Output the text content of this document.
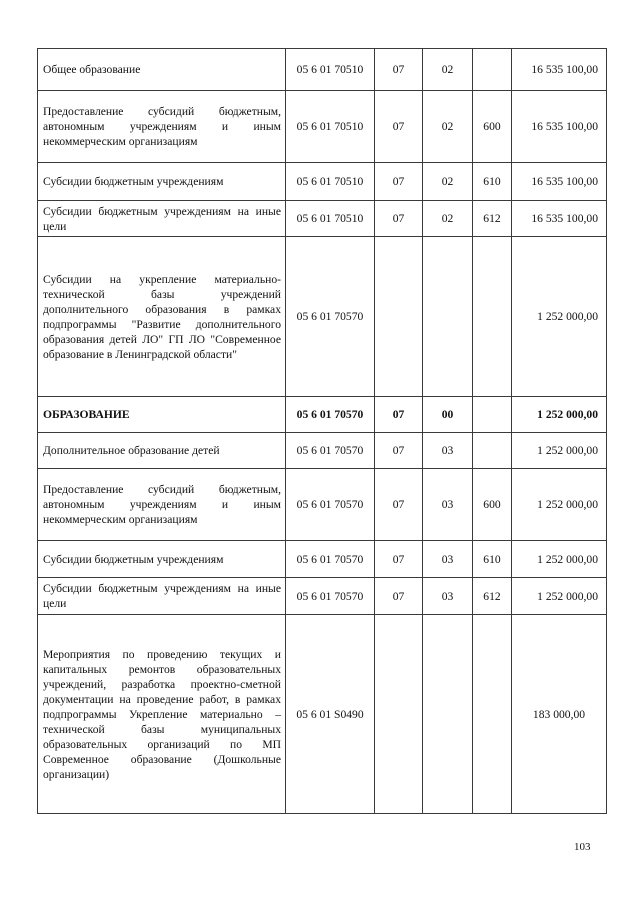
Общее образование	05 6 01 70510	07	02		16 535 100,00

Предоставление субсидий бюджетным, автономным учреждениям и иным некоммерческим организациям	05 6 01 70510	07	02	600	16 535 100,00

Субсидии бюджетным учреждениям	05 6 01 70510	07	02	610	16 535 100,00

Субсидии бюджетным учреждениям на иные цели	05 6 01 70510	07	02	612	16 535 100,00

Субсидии на укрепление материально-технической базы учреждений дополнительного образования в рамках подпрограммы "Развитие дополнительного образования детей ЛО" ГП ЛО "Современное образование в Ленинградской области"	05 6 01 70570				1 252 000,00

ОБРАЗОВАНИЕ	05 6 01 70570	07	00		1 252 000,00

Дополнительное образование детей	05 6 01 70570	07	03		1 252 000,00

Предоставление субсидий бюджетным, автономным учреждениям и иным некоммерческим организациям	05 6 01 70570	07	03	600	1 252 000,00

Субсидии бюджетным учреждениям	05 6 01 70570	07	03	610	1 252 000,00

Субсидии бюджетным учреждениям на иные цели	05 6 01 70570	07	03	612	1 252 000,00

Мероприятия по проведению текущих и капитальных ремонтов образовательных учреждений, разработка проектно-сметной документации на проведение работ, в рамках подпрограммы Укрепление материально – технической базы муниципальных образовательных организаций по МП Современное образование (Дошкольные организации)	05 6 01 S0490				183 000,00
103
